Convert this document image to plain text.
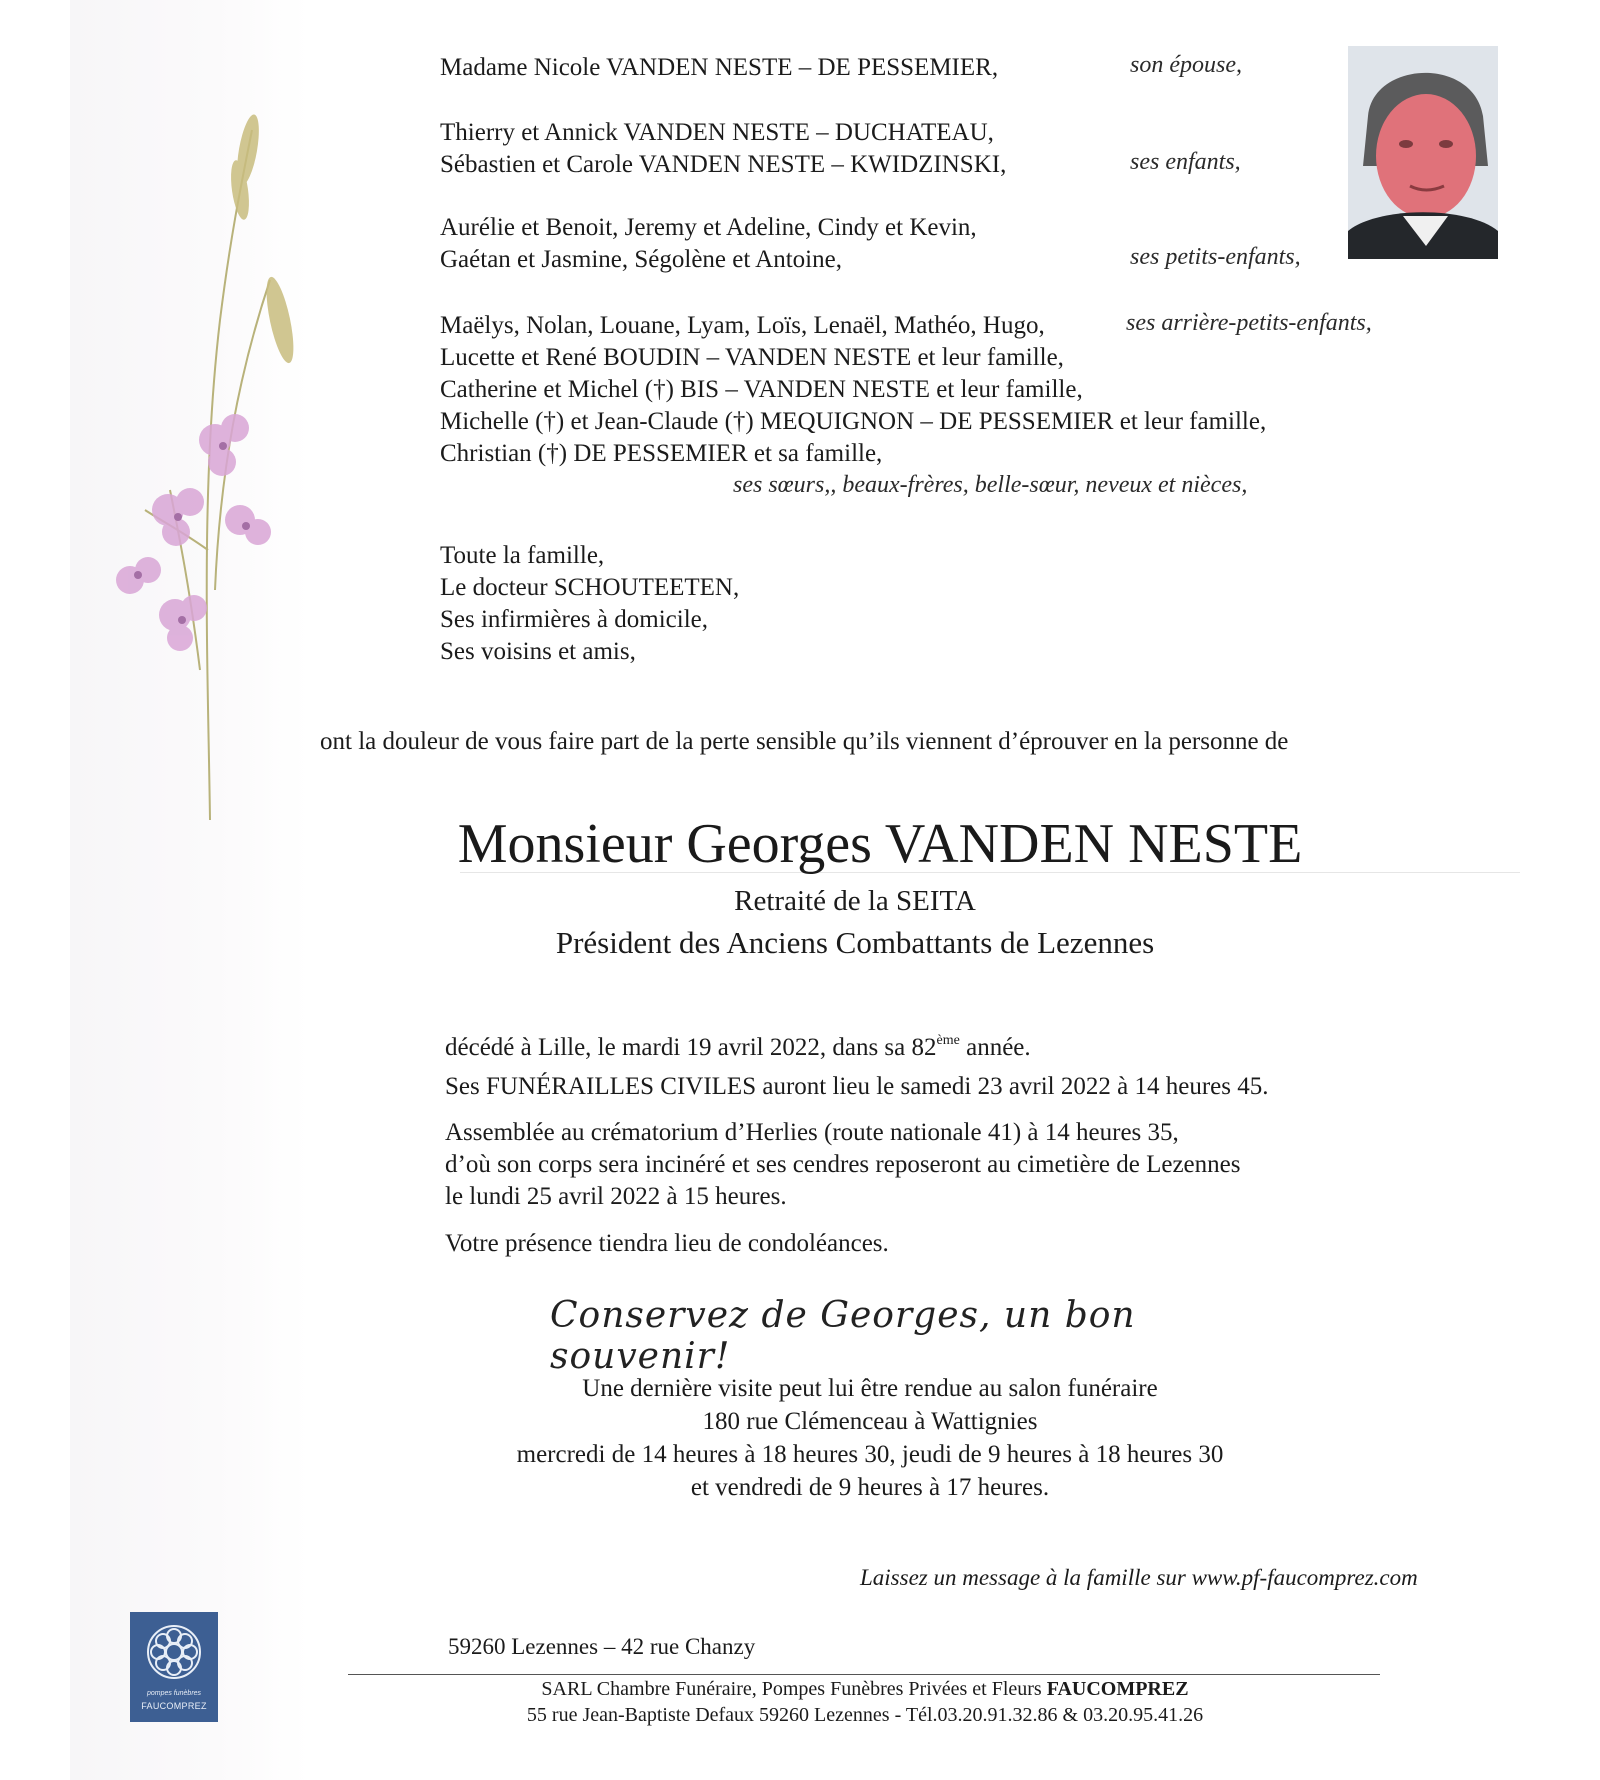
Madame Nicole VANDEN NESTE – DE PESSEMIER,	son épouse,
Thierry et Annick VANDEN NESTE – DUCHATEAU,
Sébastien et Carole VANDEN NESTE – KWIDZINSKI,	ses enfants,
Aurélie et Benoit, Jeremy et Adeline, Cindy et Kevin,
Gaétan et Jasmine, Ségolène et Antoine,	ses petits-enfants,
Maëlys, Nolan, Louane, Lyam, Loïs, Lenaël, Mathéo, Hugo,	ses arrière-petits-enfants,
Lucette et René BOUDIN – VANDEN NESTE et leur famille,
Catherine et Michel (†) BIS – VANDEN NESTE et leur famille,
Michelle (†) et Jean-Claude (†) MEQUIGNON – DE PESSEMIER et leur famille,
Christian (†) DE PESSEMIER et sa famille,
ses sœurs,, beaux-frères, belle-sœur, neveux et nièces,
Toute la famille,
Le docteur SCHOUTEETEN,
Ses infirmières à domicile,
Ses voisins et amis,
ont la douleur de vous faire part de la perte sensible qu’ils viennent d’éprouver en la personne de
Monsieur Georges VANDEN NESTE
Retraité de la SEITA
Président des Anciens Combattants de Lezennes
décédé à Lille, le mardi 19 avril 2022, dans sa 82ème année.
Ses FUNÉRAILLES CIVILES auront lieu le samedi 23 avril 2022 à 14 heures 45.
Assemblée au crématorium d’Herlies (route nationale 41) à 14 heures 35,
d’où son corps sera incinéré et ses cendres reposeront au cimetière de Lezennes
le lundi 25 avril 2022 à 15 heures.
Votre présence tiendra lieu de condoléances.
Conservez de Georges, un bon souvenir!
Une dernière visite peut lui être rendue au salon funéraire
180 rue Clémenceau à Wattignies
mercredi de 14 heures à 18 heures 30, jeudi de 9 heures à 18 heures 30
et vendredi de 9 heures à 17 heures.
Laissez un message à la famille sur www.pf-faucomprez.com
pompes funèbres
FAUCOMPREZ
59260 Lezennes – 42 rue Chanzy
SARL Chambre Funéraire, Pompes Funèbres Privées et Fleurs FAUCOMPREZ
55 rue Jean-Baptiste Defaux 59260 Lezennes - Tél.03.20.91.32.86 & 03.20.95.41.26
